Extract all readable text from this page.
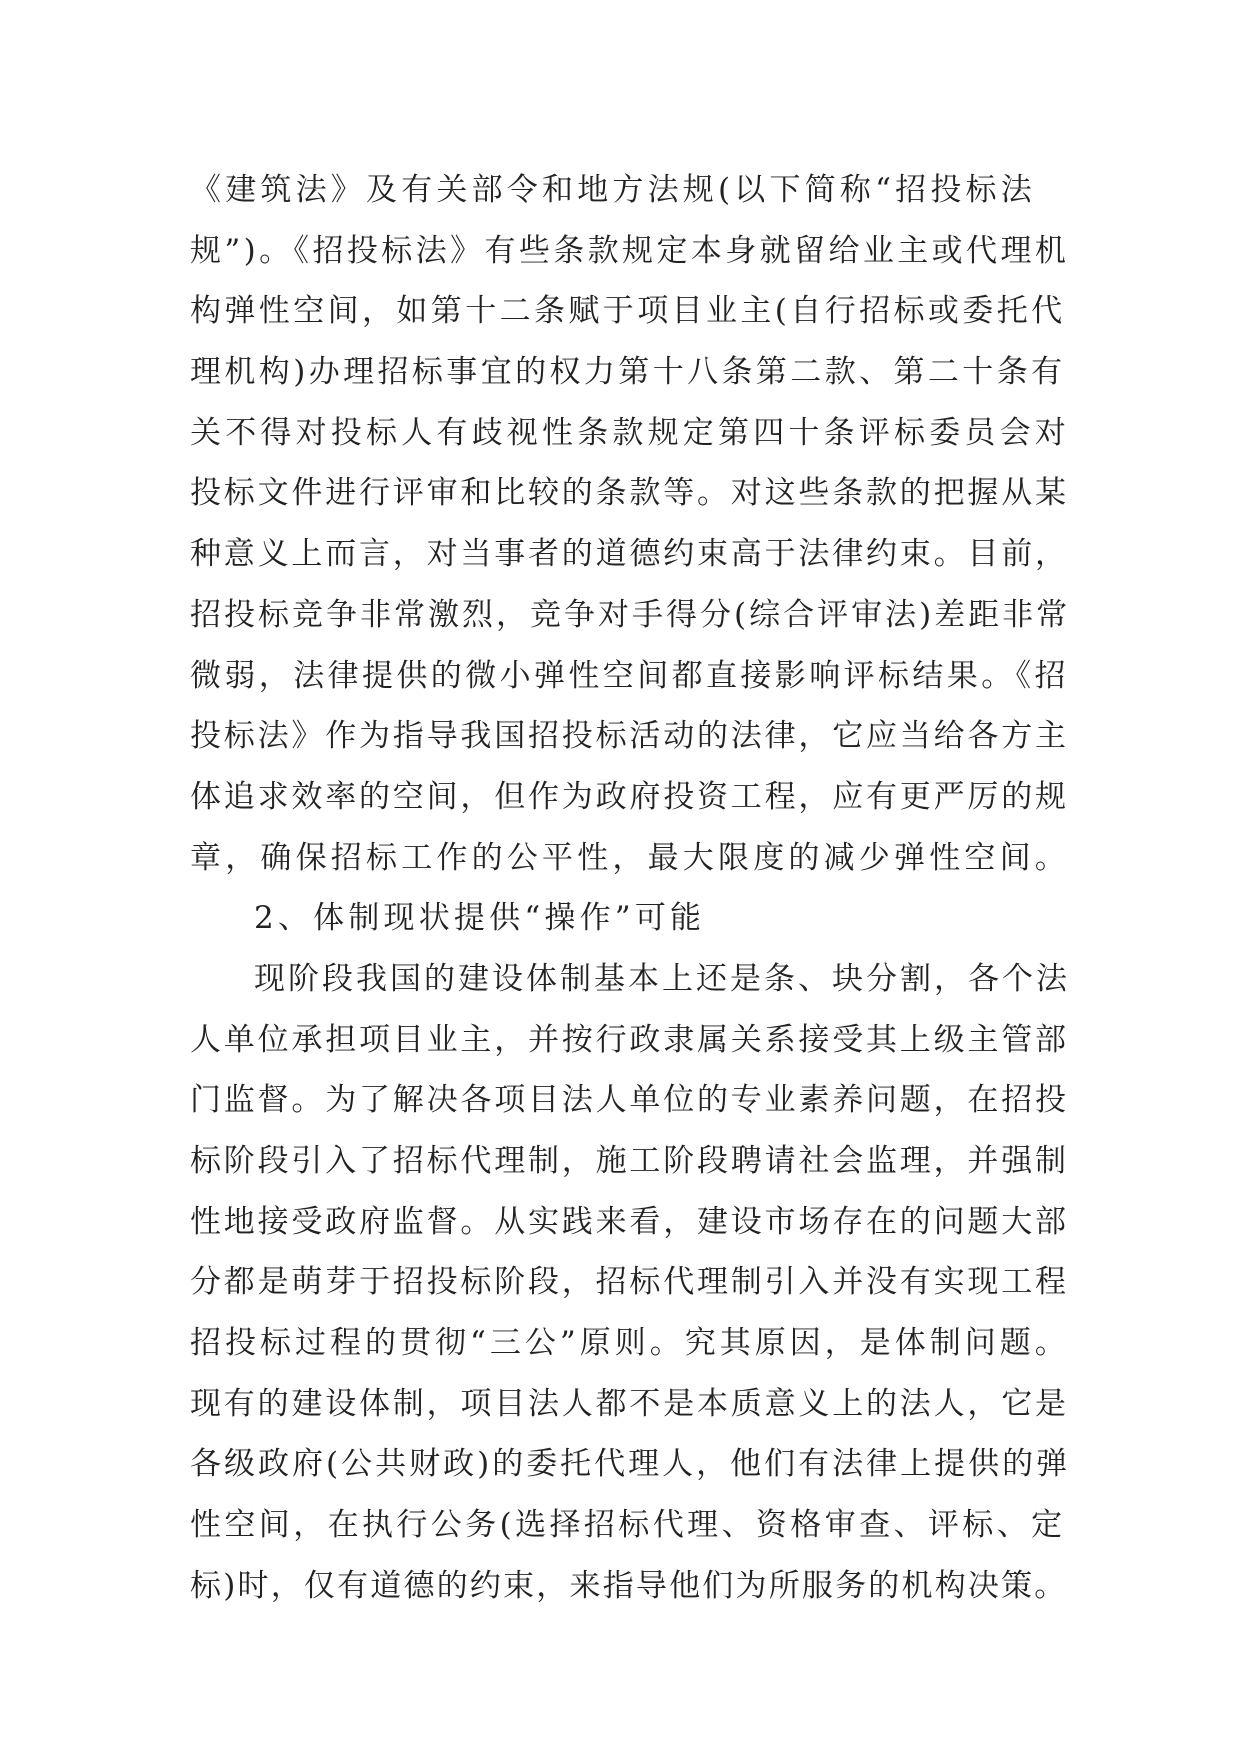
《建筑法》及有关部令和地方法规(以下简称“招投标法
规”)。《招投标法》有些条款规定本身就留给业主或代理机
构弹性空间，如第十二条赋于项目业主(自行招标或委托代
理机构)办理招标事宜的权力第十八条第二款、第二十条有
关不得对投标人有歧视性条款规定第四十条评标委员会对
投标文件进行评审和比较的条款等。对这些条款的把握从某
种意义上而言，对当事者的道德约束高于法律约束。目前，
招投标竞争非常激烈，竞争对手得分(综合评审法)差距非常
微弱，法律提供的微小弹性空间都直接影响评标结果。《招
投标法》作为指导我国招投标活动的法律，它应当给各方主
体追求效率的空间，但作为政府投资工程，应有更严厉的规
章，确保招标工作的公平性，最大限度的减少弹性空间。
2、体制现状提供“操作”可能
现阶段我国的建设体制基本上还是条、块分割，各个法
人单位承担项目业主，并按行政隶属关系接受其上级主管部
门监督。为了解决各项目法人单位的专业素养问题，在招投
标阶段引入了招标代理制，施工阶段聘请社会监理，并强制
性地接受政府监督。从实践来看，建设市场存在的问题大部
分都是萌芽于招投标阶段，招标代理制引入并没有实现工程
招投标过程的贯彻“三公”原则。究其原因，是体制问题。
现有的建设体制，项目法人都不是本质意义上的法人，它是
各级政府(公共财政)的委托代理人，他们有法律上提供的弹
性空间，在执行公务(选择招标代理、资格审查、评标、定
标)时，仅有道德的约束，来指导他们为所服务的机构决策。
